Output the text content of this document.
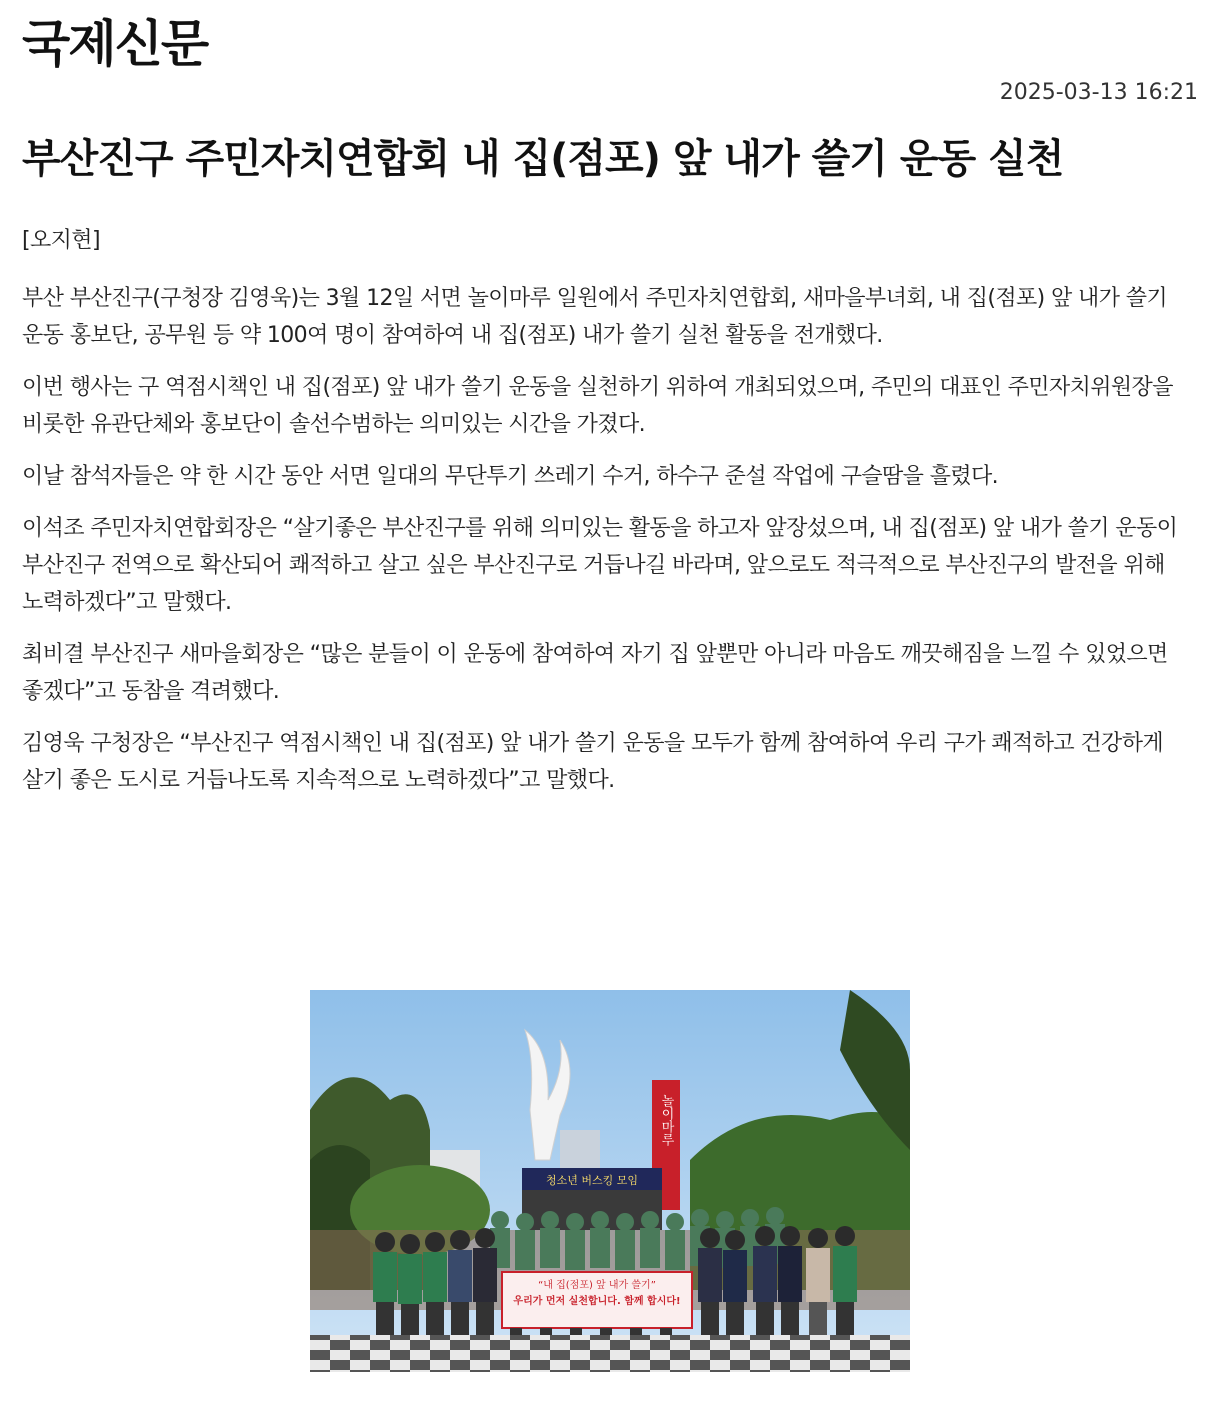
국제신문
2025-03-13 16:21
부산진구 주민자치연합회 내 집(점포) 앞 내가 쓸기 운동 실천

[오지현]

부산 부산진구(구청장 김영욱)는 3월 12일 서면 놀이마루 일원에서 주민자치연합회, 새마을부녀회, 내 집(점포) 앞 내가 쓸기 운동 홍보단, 공무원 등 약 100여 명이 참여하여 내 집(점포) 내가 쓸기 실천 활동을 전개했다.

이번 행사는 구 역점시책인 내 집(점포) 앞 내가 쓸기 운동을 실천하기 위하여 개최되었으며, 주민의 대표인 주민자치위원장을 비롯한 유관단체와 홍보단이 솔선수범하는 의미있는 시간을 가졌다.

이날 참석자들은 약 한 시간 동안 서면 일대의 무단투기 쓰레기 수거, 하수구 준설 작업에 구슬땀을 흘렸다.

이석조 주민자치연합회장은 “살기좋은 부산진구를 위해 의미있는 활동을 하고자 앞장섰으며, 내 집(점포) 앞 내가 쓸기 운동이 부산진구 전역으로 확산되어 쾌적하고 살고 싶은 부산진구로 거듭나길 바라며, 앞으로도 적극적으로 부산진구의 발전을 위해 노력하겠다”고 말했다.

최비결 부산진구 새마을회장은 “많은 분들이 이 운동에 참여하여 자기 집 앞뿐만 아니라 마음도 깨끗해짐을 느낄 수 있었으면 좋겠다”고 동참을 격려했다.

김영욱 구청장은 “부산진구 역점시책인 내 집(점포) 앞 내가 쓸기 운동을 모두가 함께 참여하여 우리 구가 쾌적하고 건강하게 살기 좋은 도시로 거듭나도록 지속적으로 노력하겠다”고 말했다.

놀이마루
청소년 버스킹 모임
“내 집(점포) 앞 내가 쓸기”
우리가 먼저 실천합니다. 함께 합시다!
